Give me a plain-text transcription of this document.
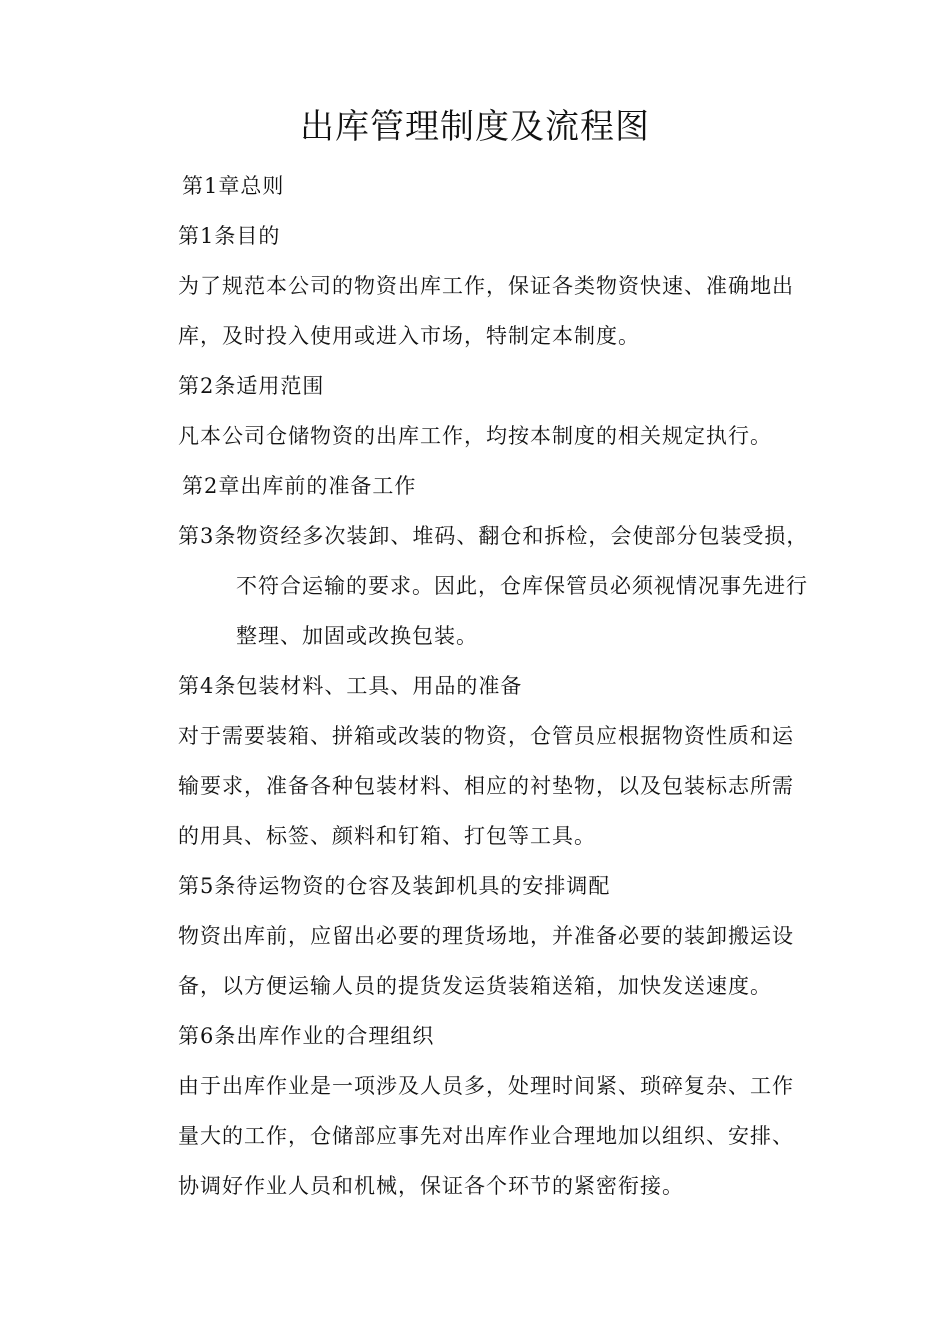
出库管理制度及流程图
第1章总则
第1条目的
为了规范本公司的物资出库工作，保证各类物资快速、准确地出
库，及时投入使用或进入市场，特制定本制度。
第2条适用范围
凡本公司仓储物资的出库工作，均按本制度的相关规定执行。
第2章出库前的准备工作
第3条物资经多次装卸、堆码、翻仓和拆检，会使部分包装受损，
不符合运输的要求。因此，仓库保管员必须视情况事先进行
整理、加固或改换包装。
第4条包装材料、工具、用品的准备
对于需要装箱、拼箱或改装的物资，仓管员应根据物资性质和运
输要求，准备各种包装材料、相应的衬垫物，以及包装标志所需
的用具、标签、颜料和钉箱、打包等工具。
第5条待运物资的仓容及装卸机具的安排调配
物资出库前，应留出必要的理货场地，并准备必要的装卸搬运设
备，以方便运输人员的提货发运货装箱送箱，加快发送速度。
第6条出库作业的合理组织
由于出库作业是一项涉及人员多，处理时间紧、琐碎复杂、工作
量大的工作，仓储部应事先对出库作业合理地加以组织、安排、
协调好作业人员和机械，保证各个环节的紧密衔接。
